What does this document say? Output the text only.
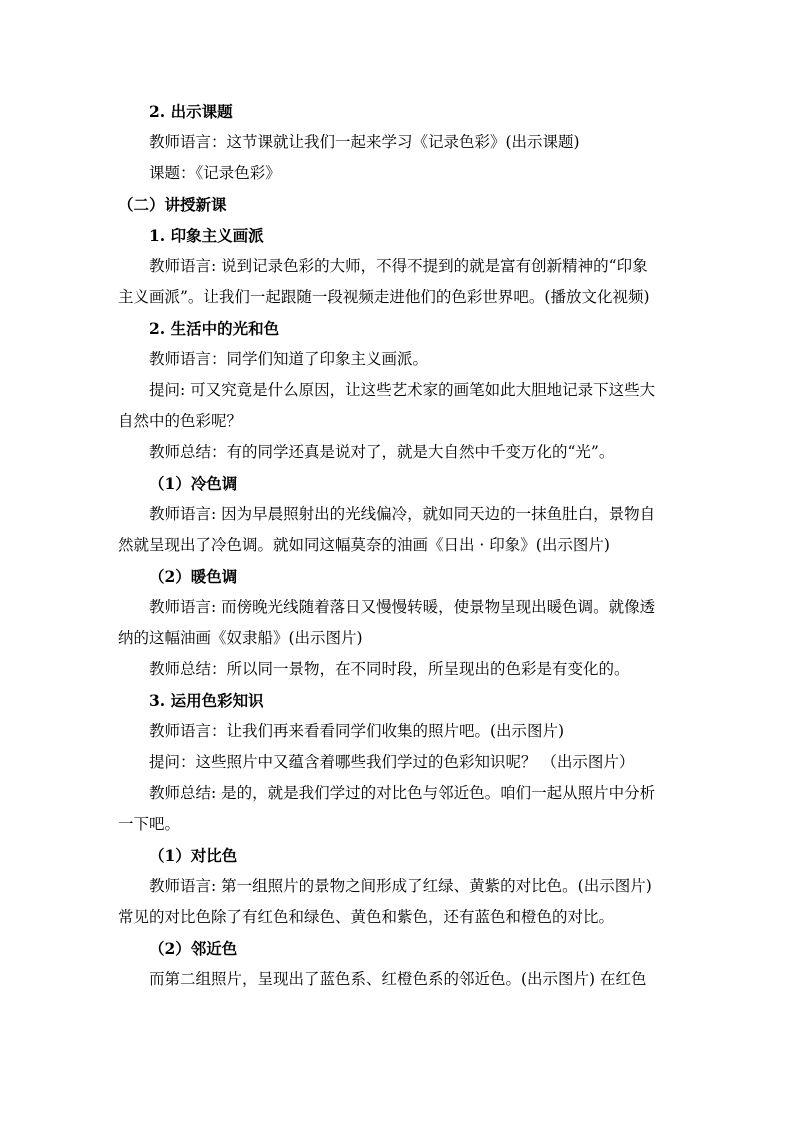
2. 出示课题
教师语言：这节课就让我们一起来学习《记录色彩》(出示课题)
课题：《记录色彩》
（二）讲授新课
1. 印象主义画派
教师语言: 说到记录色彩的大师，不得不提到的就是富有创新精神的“印象
主义画派”。让我们一起跟随一段视频走进他们的色彩世界吧。(播放文化视频)
2. 生活中的光和色
教师语言：同学们知道了印象主义画派。
提问: 可又究竟是什么原因，让这些艺术家的画笔如此大胆地记录下这些大
自然中的色彩呢？
教师总结：有的同学还真是说对了，就是大自然中千变万化的“光”。
（1）冷色调
教师语言: 因为早晨照射出的光线偏冷，就如同天边的一抹鱼肚白，景物自
然就呈现出了冷色调。就如同这幅莫奈的油画《日出 · 印象》(出示图片)
（2）暖色调
教师语言: 而傍晚光线随着落日又慢慢转暖，使景物呈现出暖色调。就像透
纳的这幅油画《奴隶船》(出示图片)
教师总结：所以同一景物，在不同时段，所呈现出的色彩是有变化的。
3. 运用色彩知识
教师语言：让我们再来看看同学们收集的照片吧。(出示图片)
提问：这些照片中又蕴含着哪些我们学过的色彩知识呢？ （出示图片）
教师总结: 是的，就是我们学过的对比色与邻近色。咱们一起从照片中分析
一下吧。
（1）对比色
教师语言: 第一组照片的景物之间形成了红绿、黄紫的对比色。(出示图片)
常见的对比色除了有红色和绿色、黄色和紫色，还有蓝色和橙色的对比。
（2）邻近色
而第二组照片，呈现出了蓝色系、红橙色系的邻近色。(出示图片) 在红色
